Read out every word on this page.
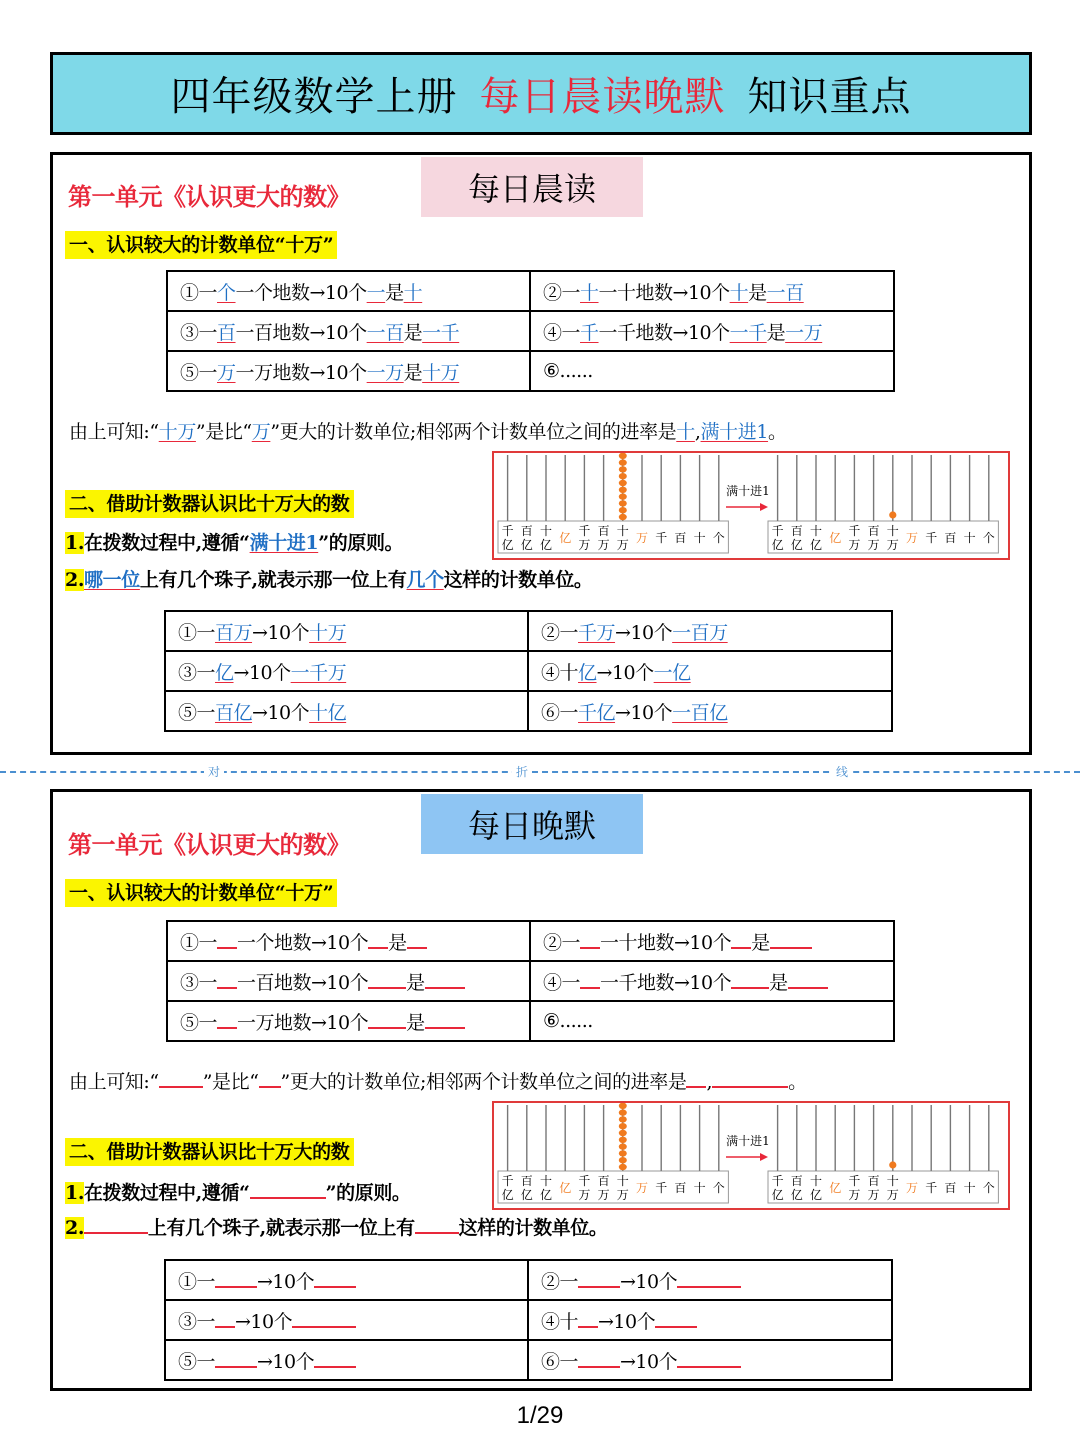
四年级数学上册 每日晨读晚默 知识重点
第一单元《认识更大的数》	每日晨读
一、认识较大的计数单位“十万”
①一个一个地数→10个一是十	②一十一十地数→10个十是一百
③一百一百地数→10个一百是一千	④一千一千地数→10个一千是一万
⑤一万一万地数→10个一万是十万	⑥......
由上可知:“十万”是比“万”更大的计数单位;相邻两个计数单位之间的进率是十,满十进1。
二、借助计数器认识比十万大的数
1.在拨数过程中,遵循“满十进1”的原则。
2.哪一位上有几个珠子,就表示那一位上有几个这样的计数单位。
千
亿
百
亿
十
亿 亿 千
万
百
万
十
万 万 千 百 十 个	千
亿
百
亿
十
亿 亿 千
万
百
万
十
万 万 千 百 十 个
满十进1
①一百万→10个十万	②一千万→10个一百万
③一亿→10个一千万	④十亿→10个一亿
⑤一百亿→10个十亿	⑥一千亿→10个一百亿
对	折	线
第一单元《认识更大的数》	每日晚默
一、认识较大的计数单位“十万”
①一 一个地数→10个 是	②一 一十地数→10个 是
③一 一百地数→10个 是	④一 一千地数→10个 是
⑤一 一万地数→10个 是	⑥......
由上可知:“ ”是比“ ”更大的计数单位;相邻两个计数单位之间的进率是 ,	。
二、借助计数器认识比十万大的数
1.在拨数过程中,遵循“	”的原则。
2.	上有几个珠子,就表示那一位上有 这样的计数单位。
千
亿
百
亿
十
亿 亿 千
万
百
万
十
万 万 千 百 十 个	千
亿
百
亿
十
亿 亿 千
万
百
万
十
万 万 千 百 十 个
满十进1
①一 →10个	②一 →10个
③一 →10个	④十 →10个
⑤一 →10个	⑥一 →10个
1/29
